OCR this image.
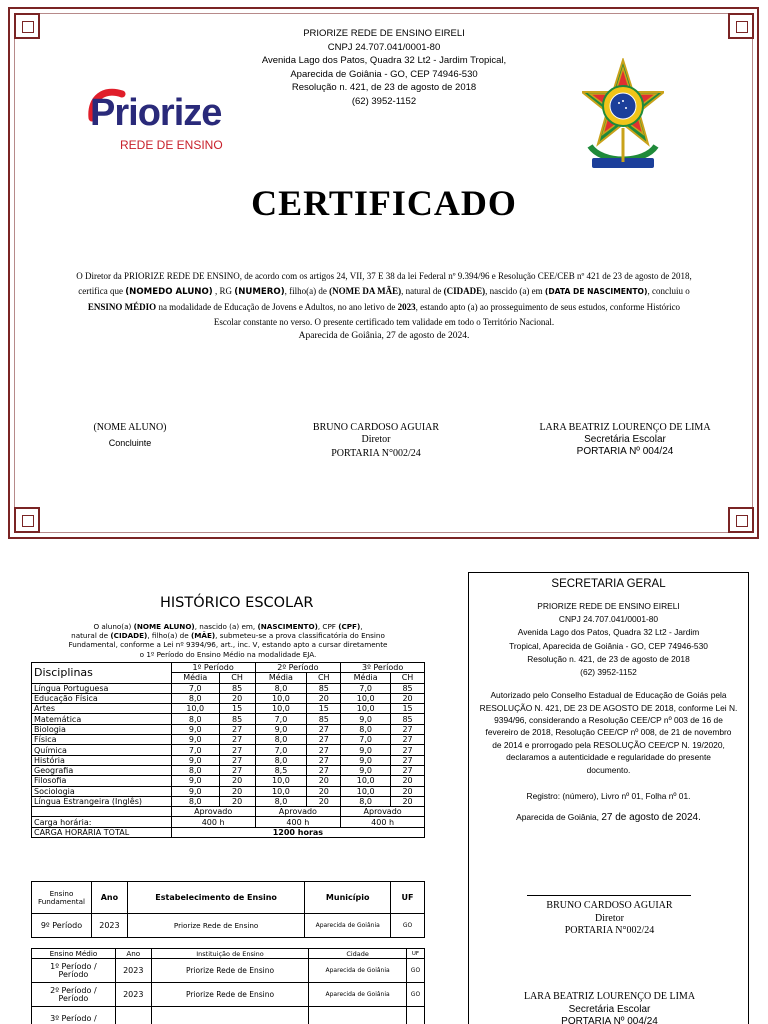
PRIORIZE REDE DE ENSINO EIRELI
CNPJ 24.707.041/0001-80
Avenida Lago dos Patos, Quadra 32 Lt2 - Jardim Tropical,
Aparecida de Goiânia - GO, CEP 74946-530
Resolução n. 421, de 23 de agosto de 2018
(62) 3952-1152
Priorize
REDE DE ENSINO
CERTIFICADO
O Diretor da PRIORIZE REDE DE ENSINO, de acordo com os artigos 24, VII, 37 E 38 da lei Federal nº 9.394/96 e Resolução CEE/CEB nº 421 de 23 de agosto de 2018,
certifica que (NOMEDO ALUNO) , RG (NUMERO), filho(a) de (NOME DA MÃE), natural de (CIDADE), nascido (a) em (DATA DE NASCIMENTO), concluiu o
ENSINO MÉDIO na modalidade de Educação de Jovens e Adultos, no ano letivo de 2023, estando apto (a) ao prosseguimento de seus estudos, conforme Histórico
Escolar constante no verso. O presente certificado tem validade em todo o Território Nacional.
Aparecida de Goiânia, 27 de agosto de 2024.
(NOME ALUNO)
Concluinte
BRUNO CARDOSO AGUIAR
Diretor
PORTARIA N°002/24
LARA BEATRIZ LOURENÇO DE LIMA
Secretária Escolar
PORTARIA Nº 004/24
HISTÓRICO ESCOLAR
O aluno(a) (NOME ALUNO), nascido (a) em, (NASCIMENTO), CPF (CPF),
natural de (CIDADE), filho(a) de (MÃE), submeteu-se a prova classificatória do Ensino
Fundamental, conforme a Lei nº 9394/96, art., inc. V, estando apto a cursar diretamente
o 1º Período do Ensino Médio na modalidade EJA.
Disciplinas	1º Período		2º Período		3º Período	
	Média	CH	Média	CH	Média	CH
Língua Portuguesa	7,0	85	8,0	85	7,0	85
Educação Física	8,0	20	10,0	20	10,0	20
Artes	10,0	15	10,0	15	10,0	15
Matemática	8,0	85	7,0	85	9,0	85
Biologia	9,0	27	9,0	27	8,0	27
Física	9,0	27	8,0	27	7,0	27
Química	7,0	27	7,0	27	9,0	27
História	9,0	27	8,0	27	9,0	27
Geografia	8,0	27	8,5	27	9,0	27
Filosofia	9,0	20	10,0	20	10,0	20
Sociologia	9,0	20	10,0	20	10,0	20
Língua Estrangeira (Inglês)	8,0	20	8,0	20	8,0	20
	Aprovado		Aprovado		Aprovado	
Carga horária:	400 h		400 h		400 h	
CARGA HORÁRIA TOTAL	1200 horas					
Ensino Fundamental	Ano	Estabelecimento de Ensino	Município	UF
9º Período	2023	Priorize Rede de Ensino	Aparecida de Goiânia	GO
Ensino Médio	Ano	Instituição de Ensino	Cidade	UF
1º Período / Período	2023	Priorize Rede de Ensino	Aparecida de Goiânia	GO
2º Período / Período	2023	Priorize Rede de Ensino	Aparecida de Goiânia	GO
3º Período /				
SECRETARIA GERAL
PRIORIZE REDE DE ENSINO EIRELI
CNPJ 24.707.041/0001-80
Avenida Lago dos Patos, Quadra 32 Lt2 - Jardim
Tropical, Aparecida de Goiânia - GO, CEP 74946-530
Resolução n. 421, de 23 de agosto de 2018
(62) 3952-1152
Autorizado pelo Conselho Estadual de Educação de Goiás pela
RESOLUÇÃO N. 421, DE 23 DE AGOSTO DE 2018, conforme Lei N.
9394/96, considerando a Resolução CEE/CP nº 003 de 16 de
fevereiro de 2018, Resolução CEE/CP nº 008, de 21 de novembro
de 2014 e prorrogado pela RESOLUÇÃO CEE/CP N. 19/2020,
declaramos a autenticidade e regularidade do presente
documento.
Registro: (número), Livro nº 01, Folha nº 01.
Aparecida de Goiânia, 27 de agosto de 2024.
BRUNO CARDOSO AGUIAR
Diretor
PORTARIA N°002/24
LARA BEATRIZ LOURENÇO DE LIMA
Secretária Escolar
PORTARIA Nº 004/24
